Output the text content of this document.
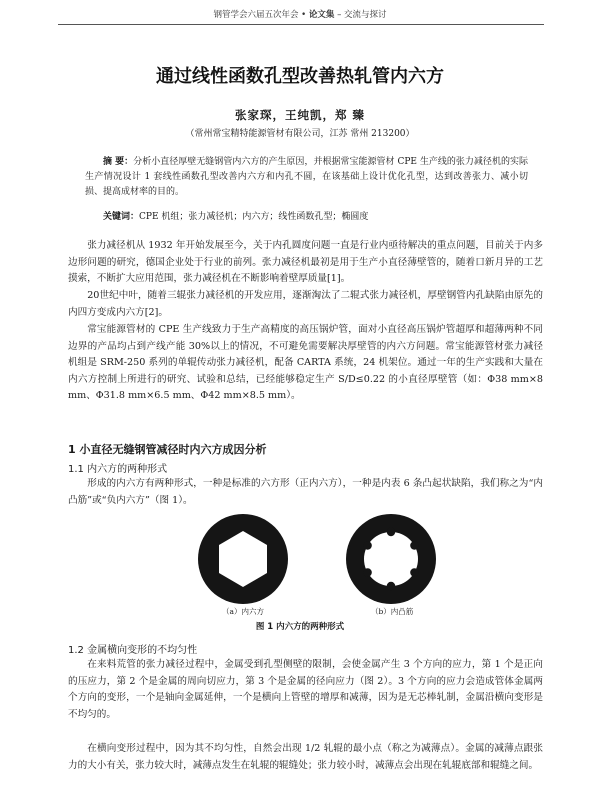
钢管学会六届五次年会 • 论文集 – 交流与探讨
通过线性函数孔型改善热轧管内六方
张家琛，王纯凯，郑 臻
（常州常宝精特能源管材有限公司，江苏 常州 213200）
摘 要：分析小直径厚壁无缝钢管内六方的产生原因，并根据常宝能源管材 CPE 生产线的张力减径机的实际生产情况设计 1 套线性函数孔型改善内六方和内孔不圆，在该基础上设计优化孔型，达到改善张力、减小切损、提高成材率的目的。
关键词：CPE 机组；张力减径机；内六方；线性函数孔型；椭圆度
张力减径机从 1932 年开始发展至今，关于内孔圆度问题一直是行业内亟待解决的重点问题，目前关于内多边形问题的研究，德国企业处于行业的前列。张力减径机最初是用于生产小直径薄壁管的，随着口新月异的工艺摸索，不断扩大应用范围，张力减径机在不断影响着壁厚质量[1]。
20世纪中叶，随着三辊张力减径机的开发应用，逐渐淘汰了二辊式张力减径机，厚壁钢管内孔缺陷由原先的内四方变成内六方[2]。
常宝能源管材的 CPE 生产线致力于生产高精度的高压锅炉管，面对小直径高压锅炉管超厚和超薄两种不同边界的产品均占到产线产能 30%以上的情况，不可避免需要解决厚壁管的内六方问题。常宝能源管材张力减径机组是 SRM-250 系列的单辊传动张力减径机，配备 CARTA 系统，24 机架位。通过一年的生产实践和大量在内六方控制上所进行的研究、试验和总结，已经能够稳定生产 S/D≤0.22 的小直径厚壁管（如：Φ38 mm×8 mm、Φ31.8 mm×6.5 mm、Φ42 mm×8.5 mm）。
1 小直径无缝钢管减径时内六方成因分析
1.1 内六方的两种形式
形成的内六方有两种形式，一种是标准的六方形（正内六方），一种是内表 6 条凸起状缺陷，我们称之为“内凸筋”或“负内六方”（图 1）。
（a）内六方	（b）内凸筋
图 1 内六方的两种形式
1.2 金属横向变形的不均匀性
在来料荒管的张力减径过程中，金属受到孔型侧壁的限制，会使金属产生 3 个方向的应力，第 1 个是正向的压应力，第 2 个是金属的周向切应力，第 3 个是金属的径向应力（图 2）。3 个方向的应力会造成管体金属两个方向的变形，一个是轴向金属延伸，一个是横向上管壁的增厚和减薄，因为是无芯棒轧制，金属沿横向变形是不均匀的。
在横向变形过程中，因为其不均匀性，自然会出现 1/2 轧辊的最小点（称之为减薄点）。金属的减薄点跟张力的大小有关，张力较大时，减薄点发生在轧辊的辊缝处；张力较小时，减薄点会出现在轧辊底部和辊缝之间。
